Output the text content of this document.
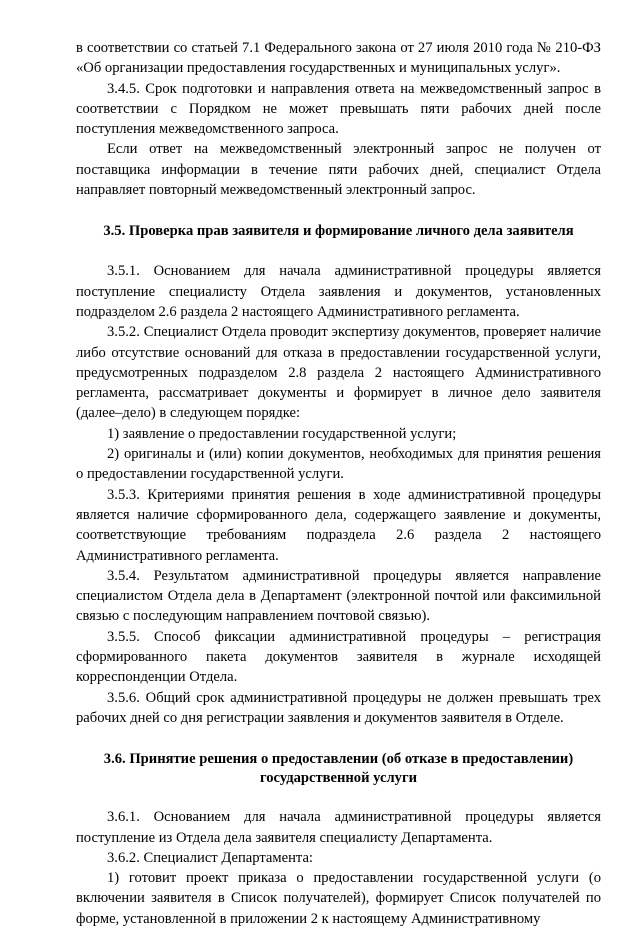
в соответствии со статьей 7.1 Федерального закона от 27 июля 2010 года № 210-ФЗ «Об организации предоставления государственных и муниципальных услуг».

3.4.5. Срок подготовки и направления ответа на межведомственный запрос в соответствии с Порядком не может превышать пяти рабочих дней после поступления межведомственного запроса.

Если ответ на межведомственный электронный запрос не получен от поставщика информации в течение пяти рабочих дней, специалист Отдела направляет повторный межведомственный электронный запрос.

3.5. Проверка прав заявителя и формирование личного дела заявителя

3.5.1. Основанием для начала административной процедуры является поступление специалисту Отдела заявления и документов, установленных подразделом 2.6 раздела 2 настоящего Административного регламента.

3.5.2. Специалист Отдела проводит экспертизу документов, проверяет наличие либо отсутствие оснований для отказа в предоставлении государственной услуги, предусмотренных подразделом 2.8 раздела 2 настоящего Административного регламента, рассматривает документы и формирует в личное дело заявителя (далее–дело) в следующем порядке:

1) заявление о предоставлении государственной услуги;

2) оригиналы и (или) копии документов, необходимых для принятия решения о предоставлении государственной услуги.

3.5.3. Критериями принятия решения в ходе административной процедуры является наличие сформированного дела, содержащего заявление и документы, соответствующие требованиям подраздела 2.6 раздела 2 настоящего Административного регламента.

3.5.4. Результатом административной процедуры является направление специалистом Отдела дела в Департамент (электронной почтой или факсимильной связью с последующим направлением почтовой связью).

3.5.5. Способ фиксации административной процедуры – регистрация сформированного пакета документов заявителя в журнале исходящей корреспонденции Отдела.

3.5.6. Общий срок административной процедуры не должен превышать трех рабочих дней со дня регистрации заявления и документов заявителя в Отделе.

3.6. Принятие решения о предоставлении (об отказе в предоставлении) государственной услуги

3.6.1. Основанием для начала административной процедуры является поступление из Отдела дела заявителя специалисту Департамента.

3.6.2. Специалист Департамента:

1) готовит проект приказа о предоставлении государственной услуги (о включении заявителя в Список получателей), формирует Список получателей по форме, установленной в приложении 2 к настоящему Административному
